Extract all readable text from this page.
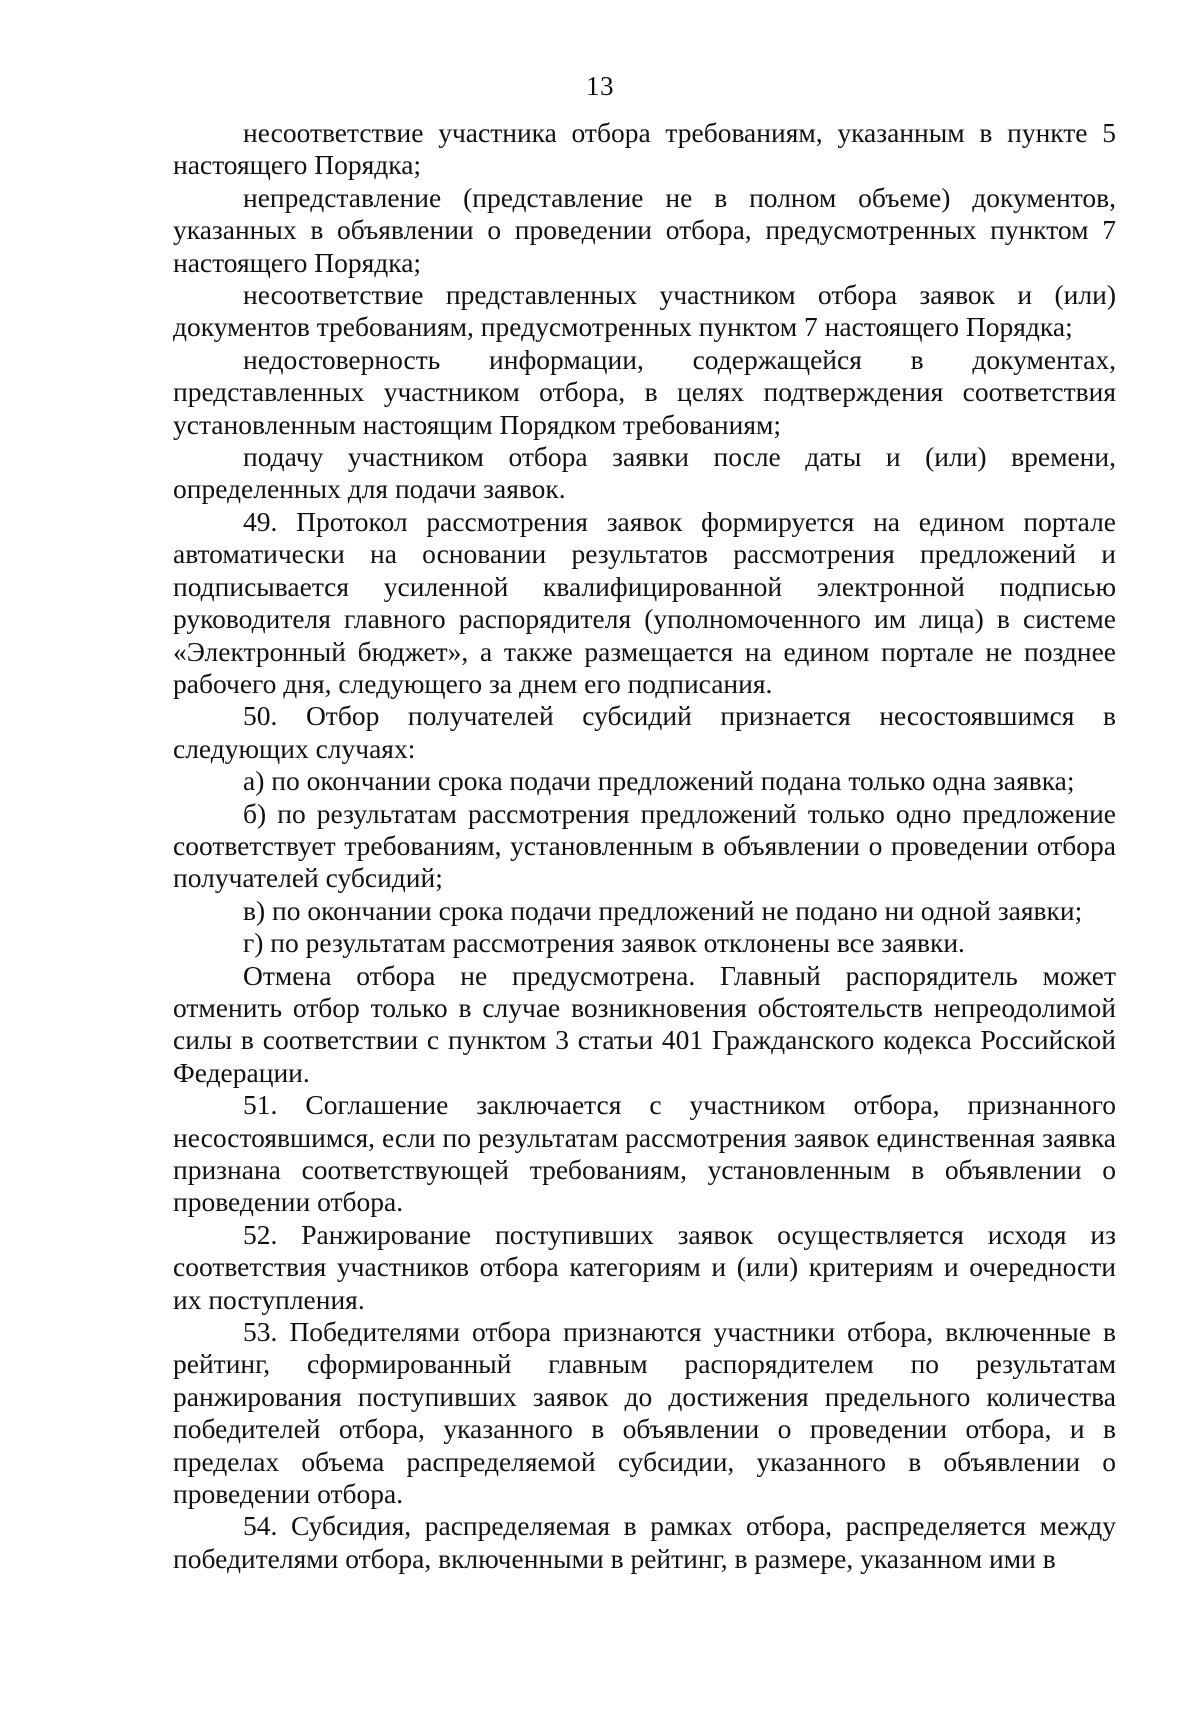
13

несоответствие участника отбора требованиям, указанным в пункте 5 настоящего Порядка;

непредставление (представление не в полном объеме) документов, указанных в объявлении о проведении отбора, предусмотренных пунктом 7 настоящего Порядка;

несоответствие представленных участником отбора заявок и (или) документов требованиям, предусмотренных пунктом 7 настоящего Порядка;

недостоверность информации, содержащейся в документах, представленных участником отбора, в целях подтверждения соответствия установленным настоящим Порядком требованиям;

подачу участником отбора заявки после даты и (или) времени, определенных для подачи заявок.

49. Протокол рассмотрения заявок формируется на едином портале автоматически на основании результатов рассмотрения предложений и подписывается усиленной квалифицированной электронной подписью руководителя главного распорядителя (уполномоченного им лица) в системе «Электронный бюджет», а также размещается на едином портале не позднее рабочего дня, следующего за днем его подписания.

50. Отбор получателей субсидий признается несостоявшимся в следующих случаях:

а) по окончании срока подачи предложений подана только одна заявка;

б) по результатам рассмотрения предложений только одно предложение соответствует требованиям, установленным в объявлении о проведении отбора получателей субсидий;

в) по окончании срока подачи предложений не подано ни одной заявки;

г) по результатам рассмотрения заявок отклонены все заявки.

Отмена отбора не предусмотрена. Главный распорядитель может отменить отбор только в случае возникновения обстоятельств непреодолимой силы в соответствии с пунктом 3 статьи 401 Гражданского кодекса Российской Федерации.

51. Соглашение заключается с участником отбора, признанного несостоявшимся, если по результатам рассмотрения заявок единственная заявка признана соответствующей требованиям, установленным в объявлении о проведении отбора.

52. Ранжирование поступивших заявок осуществляется исходя из соответствия участников отбора категориям и (или) критериям и очередности их поступления.

53. Победителями отбора признаются участники отбора, включенные в рейтинг, сформированный главным распорядителем по результатам ранжирования поступивших заявок до достижения предельного количества победителей отбора, указанного в объявлении о проведении отбора, и в пределах объема распределяемой субсидии, указанного в объявлении о проведении отбора.

54. Субсидия, распределяемая в рамках отбора, распределяется между победителями отбора, включенными в рейтинг, в размере, указанном ими в
